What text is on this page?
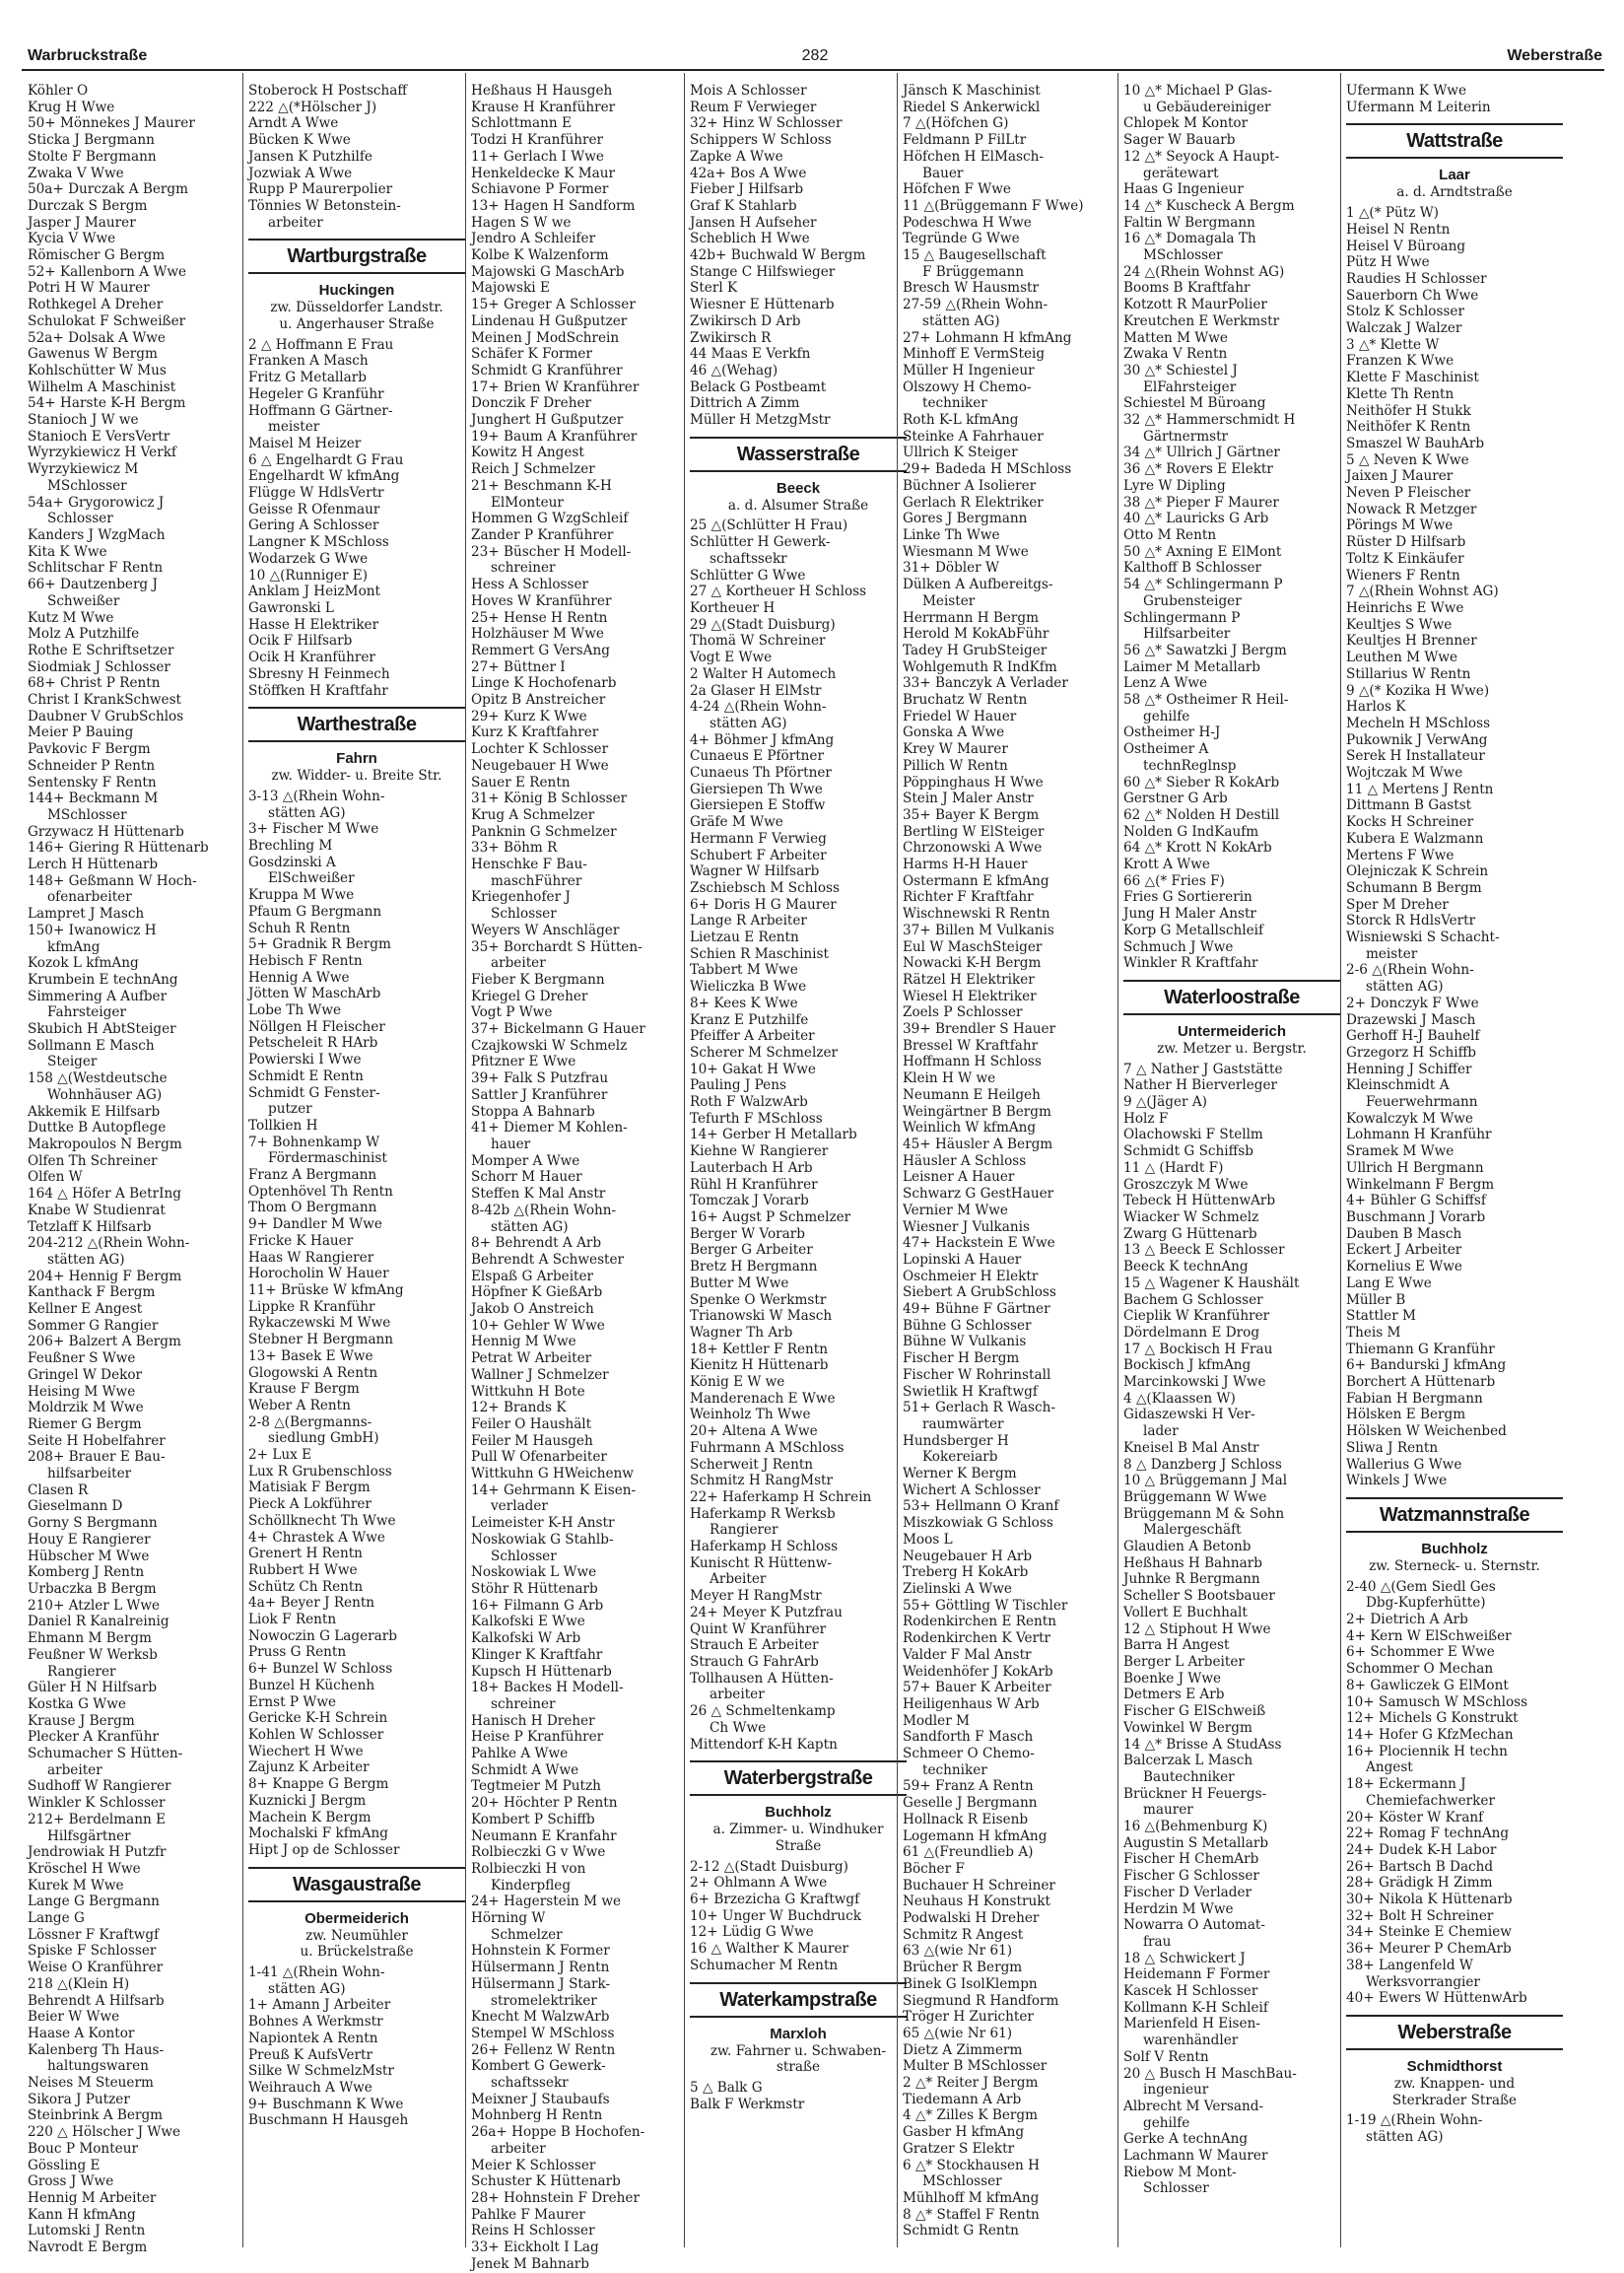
Warbruckstraße	282	Weberstraße
Köhler O
Krug H Wwe
50+ Mönnekes J Maurer
Sticka J Bergmann
Stolte F Bergmann
Zwaka V Wwe
50a+ Durczak A Bergm
Durczak S Bergm
Jasper J Maurer
Kycia V Wwe
Römischer G Bergm
52+ Kallenborn A Wwe
Potri H W Maurer
Rothkegel A Dreher
Schulokat F Schweißer
52a+ Dolsak A Wwe
Gawenus W Bergm
Kohlschütter W Mus
Wilhelm A Maschinist
54+ Harste K-H Bergm
Stanioch J W we
Stanioch E VersVertr
Wyrzykiewicz H Verkf
Wyrzykiewicz M
MSchlosser
54a+ Grygorowicz J
Schlosser
Kanders J WzgMach
Kita K Wwe
Schlitschar F Rentn
66+ Dautzenberg J
Schweißer
Kutz M Wwe
Molz A Putzhilfe
Rothe E Schriftsetzer
Siodmiak J Schlosser
68+ Christ P Rentn
Christ I KrankSchwest
Daubner V GrubSchlos
Meier P Bauing
Pavkovic F Bergm
Schneider P Rentn
Sentensky F Rentn
144+ Beckmann M
MSchlosser
Grzywacz H Hüttenarb
146+ Giering R Hüttenarb
Lerch H Hüttenarb
148+ Geßmann W Hoch-
ofenarbeiter
Lampret J Masch
150+ Iwanowicz H
kfmAng
Kozok L kfmAng
Krumbein E technAng
Simmering A Aufber
Fahrsteiger
Skubich H AbtSteiger
Sollmann E Masch
Steiger
158 △(Westdeutsche
Wohnhäuser AG)
Akkemik E Hilfsarb
Duttke B Autopflege
Makropoulos N Bergm
Olfen Th Schreiner
Olfen W
164 △ Höfer A BetrIng
Knabe W Studienrat
Tetzlaff K Hilfsarb
204-212 △(Rhein Wohn-
stätten AG)
204+ Hennig F Bergm
Kanthack F Bergm
Kellner E Angest
Sommer G Rangier
206+ Balzert A Bergm
Feußner S Wwe
Gringel W Dekor
Heising M Wwe
Moldrzik M Wwe
Riemer G Bergm
Seite H Hobelfahrer
208+ Brauer E Bau-
hilfsarbeiter
Clasen R
Gieselmann D
Gorny S Bergmann
Houy E Rangierer
Hübscher M Wwe
Komberg J Rentn
Urbaczka B Bergm
210+ Atzler L Wwe
Daniel R Kanalreinig
Ehmann M Bergm
Feußner W Werksb
Rangierer
Güler H N Hilfsarb
Kostka G Wwe
Krause J Bergm
Plecker A Kranführ
Schumacher S Hütten-
arbeiter
Sudhoff W Rangierer
Winkler K Schlosser
212+ Berdelmann E
Hilfsgärtner
Jendrowiak H Putzfr
Kröschel H Wwe
Kurek M Wwe
Lange G Bergmann
Lange G
Lössner F Kraftwgf
Spiske F Schlosser
Weise O Kranführer
218 △(Klein H)
Behrendt A Hilfsarb
Beier W Wwe
Haase A Kontor
Kalenberg Th Haus-
haltungswaren
Neises M Steuerm
Sikora J Putzer
Steinbrink A Bergm
220 △ Hölscher J Wwe
Bouc P Monteur
Gössling E
Gross J Wwe
Hennig M Arbeiter
Kann H kfmAng
Lutomski J Rentn
Navrodt E Bergm
Stoberock H Postschaff
222 △(*Hölscher J)
Arndt A Wwe
Bücken K Wwe
Jansen K Putzhilfe
Jozwiak A Wwe
Rupp P Maurerpolier
Tönnies W Betonstein-
arbeiter
Wartburgstraße
Huckingen
zw. Düsseldorfer Landstr.
u. Angerhauser Straße
2 △ Hoffmann E Frau
Franken A Masch
Fritz G Metallarb
Hegeler G Kranführ
Hoffmann G Gärtner-
meister
Maisel M Heizer
6 △ Engelhardt G Frau
Engelhardt W kfmAng
Flügge W HdlsVertr
Geisse R Ofenmaur
Gering A Schlosser
Langner K MSchloss
Wodarzek G Wwe
10 △(Runniger E)
Anklam J HeizMont
Gawronski L
Hasse H Elektriker
Ocik F Hilfsarb
Ocik H Kranführer
Sbresny H Feinmech
Stöffken H Kraftfahr
Warthestraße
Fahrn
zw. Widder- u. Breite Str.
3-13 △(Rhein Wohn-
stätten AG)
3+ Fischer M Wwe
Brechling M
Gosdzinski A
ElSchweißer
Kruppa M Wwe
Pfaum G Bergmann
Schuh R Rentn
5+ Gradnik R Bergm
Hebisch F Rentn
Hennig A Wwe
Jötten W MaschArb
Lobe Th Wwe
Nöllgen H Fleischer
Petscheleit R HArb
Powierski I Wwe
Schmidt E Rentn
Schmidt G Fenster-
putzer
Tollkien H
7+ Bohnenkamp W
Fördermaschinist
Franz A Bergmann
Optenhövel Th Rentn
Thom O Bergmann
9+ Dandler M Wwe
Fricke K Hauer
Haas W Rangierer
Horocholin W Hauer
11+ Brüske W kfmAng
Lippke R Kranführ
Rykaczewski M Wwe
Stebner H Bergmann
13+ Basek E Wwe
Glogowski A Rentn
Krause F Bergm
Weber A Rentn
2-8 △(Bergmanns-
siedlung GmbH)
2+ Lux E
Lux R Grubenschloss
Matisiak F Bergm
Pieck A Lokführer
Schöllknecht Th Wwe
4+ Chrastek A Wwe
Grenert H Rentn
Rubbert H Wwe
Schütz Ch Rentn
4a+ Beyer J Rentn
Liok F Rentn
Nowoczin G Lagerarb
Pruss G Rentn
6+ Bunzel W Schloss
Bunzel H Küchenh
Ernst P Wwe
Gericke K-H Schrein
Kohlen W Schlosser
Wiechert H Wwe
Zajunz K Arbeiter
8+ Knappe G Bergm
Kuznicki J Bergm
Machein K Bergm
Mochalski F kfmAng
Hipt J op de Schlosser
Wasgaustraße
Obermeiderich
zw. Neumühler
u. Brückelstraße
1-41 △(Rhein Wohn-
stätten AG)
1+ Amann J Arbeiter
Bohnes A Werkmstr
Napiontek A Rentn
Preuß K AufsVertr
Silke W SchmelzMstr
Weihrauch A Wwe
9+ Buschmann K Wwe
Buschmann H Hausgeh
Heßhaus H Hausgeh
Krause H Kranführer
Schlottmann E
Todzi H Kranführer
11+ Gerlach I Wwe
Henkeldecke K Maur
Schiavone P Former
13+ Hagen H Sandform
Hagen S W we
Jendro A Schleifer
Kolbe K Walzenform
Majowski G MaschArb
Majowski E
15+ Greger A Schlosser
Lindenau H Gußputzer
Meinen J ModSchrein
Schäfer K Former
Schmidt G Kranführer
17+ Brien W Kranführer
Donczik F Dreher
Junghert H Gußputzer
19+ Baum A Kranführer
Kowitz H Angest
Reich J Schmelzer
21+ Beschmann K-H
ElMonteur
Hommen G WzgSchleif
Zander P Kranführer
23+ Büscher H Modell-
schreiner
Hess A Schlosser
Hoves W Kranführer
25+ Hense H Rentn
Holzhäuser M Wwe
Remmert G VersAng
27+ Büttner I
Linge K Hochofenarb
Opitz B Anstreicher
29+ Kurz K Wwe
Kurz K Kraftfahrer
Lochter K Schlosser
Neugebauer H Wwe
Sauer E Rentn
31+ König B Schlosser
Krug A Schmelzer
Panknin G Schmelzer
33+ Böhm R
Henschke F Bau-
maschFührer
Kriegenhofer J
Schlosser
Weyers W Anschläger
35+ Borchardt S Hütten-
arbeiter
Fieber K Bergmann
Kriegel G Dreher
Vogt P Wwe
37+ Bickelmann G Hauer
Czajkowski W Schmelz
Pfitzner E Wwe
39+ Falk S Putzfrau
Sattler J Kranführer
Stoppa A Bahnarb
41+ Diemer M Kohlen-
hauer
Momper A Wwe
Schorr M Hauer
Steffen K Mal Anstr
8-42b △(Rhein Wohn-
stätten AG)
8+ Behrendt A Arb
Behrendt A Schwester
Elspaß G Arbeiter
Höpfner K GießArb
Jakob O Anstreich
10+ Gehler W Wwe
Hennig M Wwe
Petrat W Arbeiter
Wallner J Schmelzer
Wittkuhn H Bote
12+ Brands K
Feiler O Haushält
Feiler M Hausgeh
Pull W Ofenarbeiter
Wittkuhn G HWeichenw
14+ Gehrmann K Eisen-
verlader
Leimeister K-H Anstr
Noskowiak G Stahlb-
Schlosser
Noskowiak L Wwe
Stöhr R Hüttenarb
16+ Filmann G Arb
Kalkofski E Wwe
Kalkofski W Arb
Klinger K Kraftfahr
Kupsch H Hüttenarb
18+ Backes H Modell-
schreiner
Hanisch H Dreher
Heise P Kranführer
Pahlke A Wwe
Schmidt A Wwe
Tegtmeier M Putzh
20+ Höchter P Rentn
Kombert P Schiffb
Neumann E Kranfahr
Rolbieczki G v Wwe
Rolbieczki H von
Kinderpfleg
24+ Hagerstein M we
Hörning W
Schmelzer
Hohnstein K Former
Hülsermann J Rentn
Hülsermann J Stark-
stromelektriker
Knecht M WalzwArb
Stempel W MSchloss
26+ Fellenz W Rentn
Kombert G Gewerk-
schaftssekr
Meixner J Staubaufs
Mohnberg H Rentn
26a+ Hoppe B Hochofen-
arbeiter
Meier K Schlosser
Schuster K Hüttenarb
28+ Hohnstein F Dreher
Pahlke F Maurer
Reins H Schlosser
33+ Eickholt I Lag
Jenek M Bahnarb
Mois A Schlosser
Reum F Verwieger
32+ Hinz W Schlosser
Schippers W Schloss
Zapke A Wwe
42a+ Bos A Wwe
Fieber J Hilfsarb
Graf K Stahlarb
Jansen H Aufseher
Scheblich H Wwe
42b+ Buchwald W Bergm
Stange C Hilfswieger
Sterl K
Wiesner E Hüttenarb
Zwikirsch D Arb
Zwikirsch R
44 Maas E Verkfn
46 △(Wehag)
Belack G Postbeamt
Dittrich A Zimm
Müller H MetzgMstr
Wasserstraße
Beeck
a. d. Alsumer Straße
25 △(Schlütter H Frau)
Schlütter H Gewerk-
schaftssekr
Schlütter G Wwe
27 △ Kortheuer H Schloss
Kortheuer H
29 △(Stadt Duisburg)
Thomä W Schreiner
Vogt E Wwe
2 Walter H Automech
2a Glaser H ElMstr
4-24 △(Rhein Wohn-
stätten AG)
4+ Böhmer J kfmAng
Cunaeus E Pförtner
Cunaeus Th Pförtner
Giersiepen Th Wwe
Giersiepen E Stoffw
Gräfe M Wwe
Hermann F Verwieg
Schubert F Arbeiter
Wagner W Hilfsarb
Zschiebsch M Schloss
6+ Doris H G Maurer
Lange R Arbeiter
Lietzau E Rentn
Schien R Maschinist
Tabbert M Wwe
Wieliczka B Wwe
8+ Kees K Wwe
Kranz E Putzhilfe
Pfeiffer A Arbeiter
Scherer M Schmelzer
10+ Gakat H Wwe
Pauling J Pens
Roth F WalzwArb
Tefurth F MSchloss
14+ Gerber H Metallarb
Kiehne W Rangierer
Lauterbach H Arb
Rühl H Kranführer
Tomczak J Vorarb
16+ Augst P Schmelzer
Berger W Vorarb
Berger G Arbeiter
Bretz H Bergmann
Butter M Wwe
Spenke O Werkmstr
Trianowski W Masch
Wagner Th Arb
18+ Kettler F Rentn
Kienitz H Hüttenarb
König E W we
Manderenach E Wwe
Weinholz Th Wwe
20+ Altena A Wwe
Fuhrmann A MSchloss
Scherweit J Rentn
Schmitz H RangMstr
22+ Haferkamp H Schrein
Haferkamp R Werksb
Rangierer
Haferkamp H Schloss
Kunischt R Hüttenw-
Arbeiter
Meyer H RangMstr
24+ Meyer K Putzfrau
Quint W Kranführer
Strauch E Arbeiter
Strauch G FahrArb
Tollhausen A Hütten-
arbeiter
26 △ Schmeltenkamp
Ch Wwe
Mittendorf K-H Kaptn
Waterbergstraße
Buchholz
a. Zimmer- u. Windhuker
Straße
2-12 △(Stadt Duisburg)
2+ Ohlmann A Wwe
6+ Brzezicha G Kraftwgf
10+ Unger W Buchdruck
12+ Lüdig G Wwe
16 △ Walther K Maurer
Schumacher M Rentn
Waterkampstraße
Marxloh
zw. Fahrner u. Schwaben-
straße
5 △ Balk G
Balk F Werkmstr
Jänsch K Maschinist
Riedel S Ankerwickl
7 △(Höfchen G)
Feldmann P FilLtr
Höfchen H ElMasch-
Bauer
Höfchen F Wwe
11 △(Brüggemann F Wwe)
Podeschwa H Wwe
Tegründe G Wwe
15 △ Baugesellschaft
F Brüggemann
Bresch W Hausmstr
27-59 △(Rhein Wohn-
stätten AG)
27+ Lohmann H kfmAng
Minhoff E VermSteig
Müller H Ingenieur
Olszowy H Chemo-
techniker
Roth K-L kfmAng
Steinke A Fahrhauer
Ullrich K Steiger
29+ Badeda H MSchloss
Büchner A Isolierer
Gerlach R Elektriker
Gores J Bergmann
Linke Th Wwe
Wiesmann M Wwe
31+ Döbler W
Dülken A Aufbereitgs-
Meister
Herrmann H Bergm
Herold M KokAbFühr
Tadey H GrubSteiger
Wohlgemuth R IndKfm
33+ Banczyk A Verlader
Bruchatz W Rentn
Friedel W Hauer
Gonska A Wwe
Krey W Maurer
Pillich W Rentn
Pöppinghaus H Wwe
Stein J Maler Anstr
35+ Bayer K Bergm
Bertling W ElSteiger
Chrzonowski A Wwe
Harms H-H Hauer
Ostermann E kfmAng
Richter F Kraftfahr
Wischnewski R Rentn
37+ Billen M Vulkanis
Eul W MaschSteiger
Nowacki K-H Bergm
Rätzel H Elektriker
Wiesel H Elektriker
Zoels P Schlosser
39+ Brendler S Hauer
Bressel W Kraftfahr
Hoffmann H Schloss
Klein H W we
Neumann E Heilgeh
Weingärtner B Bergm
Weinlich W kfmAng
45+ Häusler A Bergm
Häusler A Schloss
Leisner A Hauer
Schwarz G GestHauer
Vernier M Wwe
Wiesner J Vulkanis
47+ Hackstein E Wwe
Lopinski A Hauer
Oschmeier H Elektr
Siebert A GrubSchloss
49+ Bühne F Gärtner
Bühne G Schlosser
Bühne W Vulkanis
Fischer H Bergm
Fischer W Rohrinstall
Swietlik H Kraftwgf
51+ Gerlach R Wasch-
raumwärter
Hundsberger H
Kokereiarb
Werner K Bergm
Wichert A Schlosser
53+ Hellmann O Kranf
Miszkowiak G Schloss
Moos L
Neugebauer H Arb
Treberg H KokArb
Zielinski A Wwe
55+ Göttling W Tischler
Rodenkirchen E Rentn
Rodenkirchen K Vertr
Valder F Mal Anstr
Weidenhöfer J KokArb
57+ Bauer K Arbeiter
Heiligenhaus W Arb
Modler M
Sandforth F Masch
Schmeer O Chemo-
techniker
59+ Franz A Rentn
Geselle J Bergmann
Hollnack R Eisenb
Logemann H kfmAng
61 △(Freundlieb A)
Böcher F
Buchauer H Schreiner
Neuhaus H Konstrukt
Podwalski H Dreher
Schmitz R Angest
63 △(wie Nr 61)
Brücher R Bergm
Binek G IsolKlempn
Siegmund R Handform
Tröger H Zurichter
65 △(wie Nr 61)
Dietz A Zimmerm
Multer B MSchlosser
2 △* Reiter J Bergm
Tiedemann A Arb
4 △* Zilles K Bergm
Gasber H kfmAng
Gratzer S Elektr
6 △* Stockhausen H
MSchlosser
Mühlhoff M kfmAng
8 △* Staffel F Rentn
Schmidt G Rentn
10 △* Michael P Glas-
u Gebäudereiniger
Chlopek M Kontor
Sager W Bauarb
12 △* Seyock A Haupt-
gerätewart
Haas G Ingenieur
14 △* Kuscheck A Bergm
Faltin W Bergmann
16 △* Domagala Th
MSchlosser
24 △(Rhein Wohnst AG)
Booms B Kraftfahr
Kotzott R MaurPolier
Kreutchen E Werkmstr
Matten M Wwe
Zwaka V Rentn
30 △* Schiestel J
ElFahrsteiger
Schiestel M Büroang
32 △* Hammerschmidt H
Gärtnermstr
34 △* Ullrich J Gärtner
36 △* Rovers E Elektr
Lyre W Dipling
38 △* Pieper F Maurer
40 △* Lauricks G Arb
Otto M Rentn
50 △* Axning E ElMont
Kalthoff B Schlosser
54 △* Schlingermann P
Grubensteiger
Schlingermann P
Hilfsarbeiter
56 △* Sawatzki J Bergm
Laimer M Metallarb
Lenz A Wwe
58 △* Ostheimer R Heil-
gehilfe
Ostheimer H-J
Ostheimer A
technReglnsp
60 △* Sieber R KokArb
Gerstner G Arb
62 △* Nolden H Destill
Nolden G IndKaufm
64 △* Krott N KokArb
Krott A Wwe
66 △(* Fries F)
Fries G Sortiererin
Jung H Maler Anstr
Korp G Metallschleif
Schmuch J Wwe
Winkler R Kraftfahr
Waterloostraße
Untermeiderich
zw. Metzer u. Bergstr.
7 △ Nather J Gaststätte
Nather H Bierverleger
9 △(Jäger A)
Holz F
Olachowski F Stellm
Schmidt G Schiffsb
11 △ (Hardt F)
Groszczyk M Wwe
Tebeck H HüttenwArb
Wiacker W Schmelz
Zwarg G Hüttenarb
13 △ Beeck E Schlosser
Beeck K technAng
15 △ Wagener K Haushält
Bachem G Schlosser
Cieplik W Kranführer
Dördelmann E Drog
17 △ Bockisch H Frau
Bockisch J kfmAng
Marcinkowski J Wwe
4 △(Klaassen W)
Gidaszewski H Ver-
lader
Kneisel B Mal Anstr
8 △ Danzberg J Schloss
10 △ Brüggemann J Mal
Brüggemann W Wwe
Brüggemann M & Sohn
Malergeschäft
Glaudien A Betonb
Heßhaus H Bahnarb
Juhnke R Bergmann
Scheller S Bootsbauer
Vollert E Buchhalt
12 △ Stiphout H Wwe
Barra H Angest
Berger L Arbeiter
Boenke J Wwe
Detmers E Arb
Fischer G ElSchweiß
Vowinkel W Bergm
14 △* Brisse A StudAss
Balcerzak L Masch
Bautechniker
Brückner H Feuergs-
maurer
16 △(Behmenburg K)
Augustin S Metallarb
Fischer H ChemArb
Fischer G Schlosser
Fischer D Verlader
Herdzin M Wwe
Nowarra O Automat-
frau
18 △ Schwickert J
Heidemann F Former
Kascek H Schlosser
Kollmann K-H Schleif
Marienfeld H Eisen-
warenhändler
Solf V Rentn
20 △ Busch H MaschBau-
ingenieur
Albrecht M Versand-
gehilfe
Gerke A technAng
Lachmann W Maurer
Riebow M Mont-
Schlosser
Ufermann K Wwe
Ufermann M Leiterin
Wattstraße
Laar
a. d. Arndtstraße
1 △(* Pütz W)
Heisel N Rentn
Heisel V Büroang
Pütz H Wwe
Raudies H Schlosser
Sauerborn Ch Wwe
Stolz K Schlosser
Walczak J Walzer
3 △* Klette W
Franzen K Wwe
Klette F Maschinist
Klette Th Rentn
Neithöfer H Stukk
Neithöfer K Rentn
Smaszel W BauhArb
5 △ Neven K Wwe
Jaixen J Maurer
Neven P Fleischer
Nowack R Metzger
Pörings M Wwe
Rüster D Hilfsarb
Toltz K Einkäufer
Wieners F Rentn
7 △(Rhein Wohnst AG)
Heinrichs E Wwe
Keultjes S Wwe
Keultjes H Brenner
Leuthen M Wwe
Stillarius W Rentn
9 △(* Kozika H Wwe)
Harlos K
Mecheln H MSchloss
Pukownik J VerwAng
Serek H Installateur
Wojtczak M Wwe
11 △ Mertens J Rentn
Dittmann B Gastst
Kocks H Schreiner
Kubera E Walzmann
Mertens F Wwe
Olejniczak K Schrein
Schumann B Bergm
Sper M Dreher
Storck R HdlsVertr
Wisniewski S Schacht-
meister
2-6 △(Rhein Wohn-
stätten AG)
2+ Donczyk F Wwe
Drazewski J Masch
Gerhoff H-J Bauhelf
Grzegorz H Schiffb
Henning J Schiffer
Kleinschmidt A
Feuerwehrmann
Kowalczyk M Wwe
Lohmann H Kranführ
Sramek M Wwe
Ullrich H Bergmann
Winkelmann F Bergm
4+ Bühler G Schiffsf
Buschmann J Vorarb
Dauben B Masch
Eckert J Arbeiter
Kornelius E Wwe
Lang E Wwe
Müller B
Stattler M
Theis M
Thiemann G Kranführ
6+ Bandurski J kfmAng
Borchert A Hüttenarb
Fabian H Bergmann
Hölsken E Bergm
Hölsken W Weichenbed
Sliwa J Rentn
Wallerius G Wwe
Winkels J Wwe
Watzmannstraße
Buchholz
zw. Sterneck- u. Sternstr.
2-40 △(Gem Siedl Ges
Dbg-Kupferhütte)
2+ Dietrich A Arb
4+ Kern W ElSchweißer
6+ Schommer E Wwe
Schommer O Mechan
8+ Gawliczek G ElMont
10+ Samusch W MSchloss
12+ Michels G Konstrukt
14+ Hofer G KfzMechan
16+ Plociennik H techn
Angest
18+ Eckermann J
Chemiefachwerker
20+ Köster W Kranf
22+ Romag F technAng
24+ Dudek K-H Labor
26+ Bartsch B Dachd
28+ Grädigk H Zimm
30+ Nikola K Hüttenarb
32+ Bolt H Schreiner
34+ Steinke E Chemiew
36+ Meurer P ChemArb
38+ Langenfeld W
Werksvorrangier
40+ Ewers W HüttenwArb
Weberstraße
Schmidthorst
zw. Knappen- und
Sterkrader Straße
1-19 △(Rhein Wohn-
stätten AG)
